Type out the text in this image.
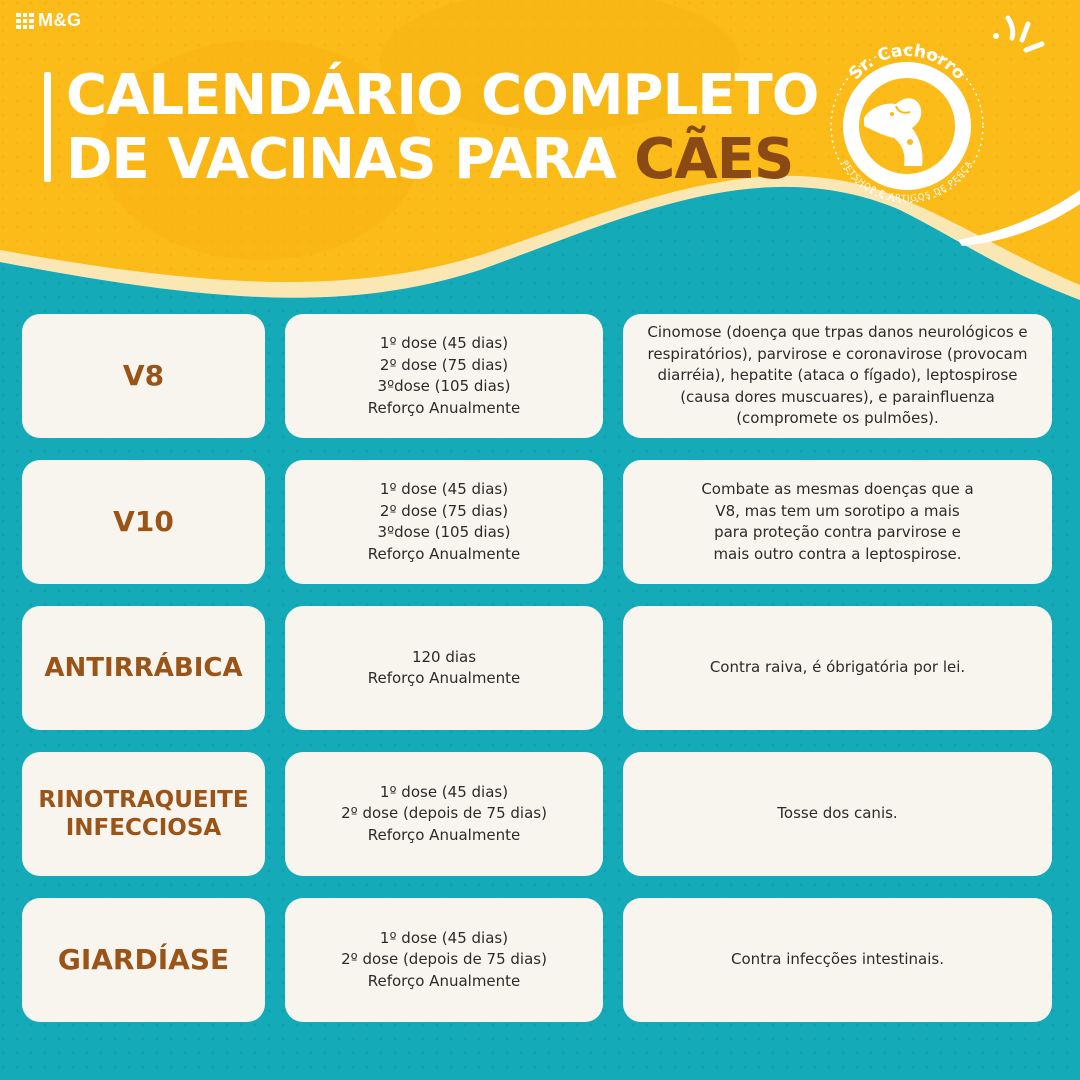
M&G
CALENDÁRIO COMPLETO
DE VACINAS PARA CÃES
Sr. Cachorro
PETSHOP E ARTIGOS DE PESCA
V8
1º dose (45 dias)
2º dose (75 dias)
3ºdose (105 dias)
Reforço Anualmente
Cinomose (doença que trpas danos neurológicos e
respiratórios), parvirose e coronavirose (provocam
diarréia), hepatite (ataca o fígado), leptospirose
(causa dores muscuares), e parainfluenza
(compromete os pulmões).
V10
1º dose (45 dias)
2º dose (75 dias)
3ºdose (105 dias)
Reforço Anualmente
Combate as mesmas doenças que a
V8, mas tem um sorotipo a mais
para proteção contra parvirose e
mais outro contra a leptospirose.
ANTIRRÁBICA	120 dias
Reforço Anualmente
Contra raiva, é óbrigatória por lei.
RINOTRAQUEITE
INFECCIOSA
1º dose (45 dias)
2º dose (depois de 75 dias)
Reforço Anualmente
Tosse dos canis.
GIARDÍASE
1º dose (45 dias)
2º dose (depois de 75 dias)
Reforço Anualmente
Contra infecções intestinais.
